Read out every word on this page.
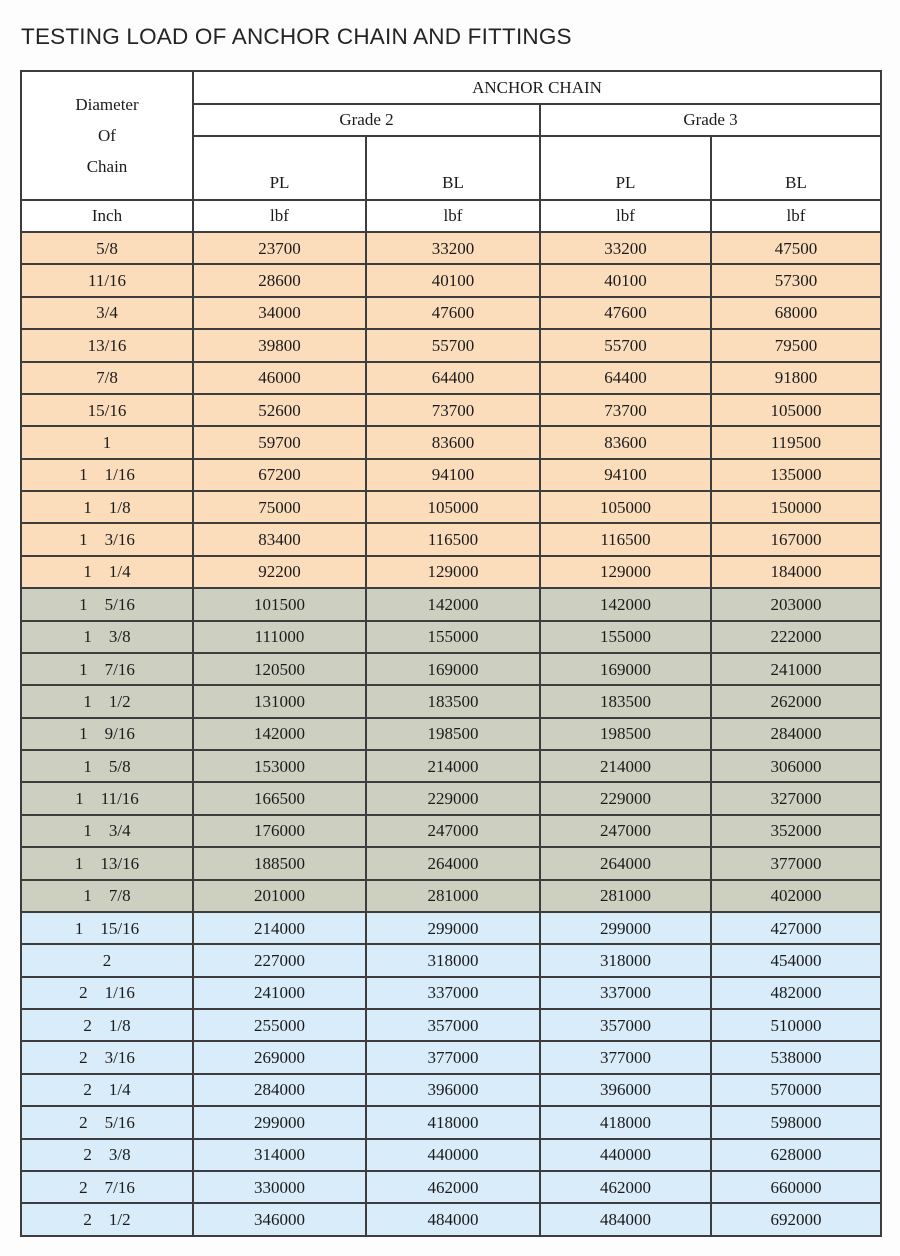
TESTING LOAD OF ANCHOR CHAIN AND FITTINGS
Diameter
Of
Chain	ANCHOR CHAIN			
	Grade 2		Grade 3	
	PL	BL	PL	BL
Inch	lbf	lbf	lbf	lbf
5/8	23700	33200	33200	47500
11/16	28600	40100	40100	57300
3/4	34000	47600	47600	68000
13/16	39800	55700	55700	79500
7/8	46000	64400	64400	91800
15/16	52600	73700	73700	105000
1	59700	83600	83600	119500
1    1/16	67200	94100	94100	135000
1    1/8	75000	105000	105000	150000
1    3/16	83400	116500	116500	167000
1    1/4	92200	129000	129000	184000
1    5/16	101500	142000	142000	203000
1    3/8	111000	155000	155000	222000
1    7/16	120500	169000	169000	241000
1    1/2	131000	183500	183500	262000
1    9/16	142000	198500	198500	284000
1    5/8	153000	214000	214000	306000
1    11/16	166500	229000	229000	327000
1    3/4	176000	247000	247000	352000
1    13/16	188500	264000	264000	377000
1    7/8	201000	281000	281000	402000
1    15/16	214000	299000	299000	427000
2	227000	318000	318000	454000
2    1/16	241000	337000	337000	482000
2    1/8	255000	357000	357000	510000
2    3/16	269000	377000	377000	538000
2    1/4	284000	396000	396000	570000
2    5/16	299000	418000	418000	598000
2    3/8	314000	440000	440000	628000
2    7/16	330000	462000	462000	660000
2    1/2	346000	484000	484000	692000
